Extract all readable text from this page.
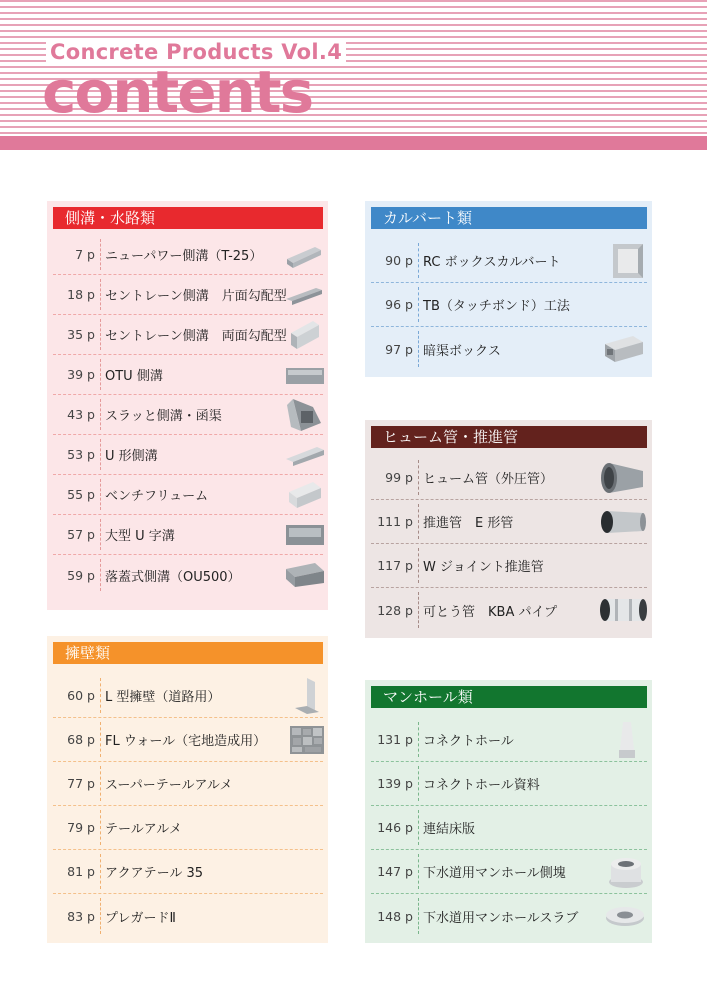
Concrete Products Vol.4
contents
側溝・水路類
7 p ニューパワー側溝（T-25）
18 p セントレーン側溝　片面勾配型
35 p セントレーン側溝　両面勾配型
39 p OTU 側溝
43 p スラッと側溝・函渠
53 p U 形側溝
55 p ベンチフリューム
57 p 大型 U 字溝
59 p 落蓋式側溝（OU500）
擁壁類
60 p L 型擁壁（道路用）
68 p FL ウォール（宅地造成用）
77 p スーパーテールアルメ
79 p テールアルメ
81 p アクアテール 35
83 p プレガードⅡ
カルバート類
90 p RC ボックスカルバート
96 p TB（タッチボンド）工法
97 p 暗渠ボックス
ヒューム管・推進管
99 p ヒューム管（外圧管）
111 p 推進管　E 形管
117 p W ジョイント推進管
128 p 可とう管　KBA パイプ
マンホール類
131 p コネクトホール
139 p コネクトホール資料
146 p 連結床版
147 p 下水道用マンホール側塊
148 p 下水道用マンホールスラブ
